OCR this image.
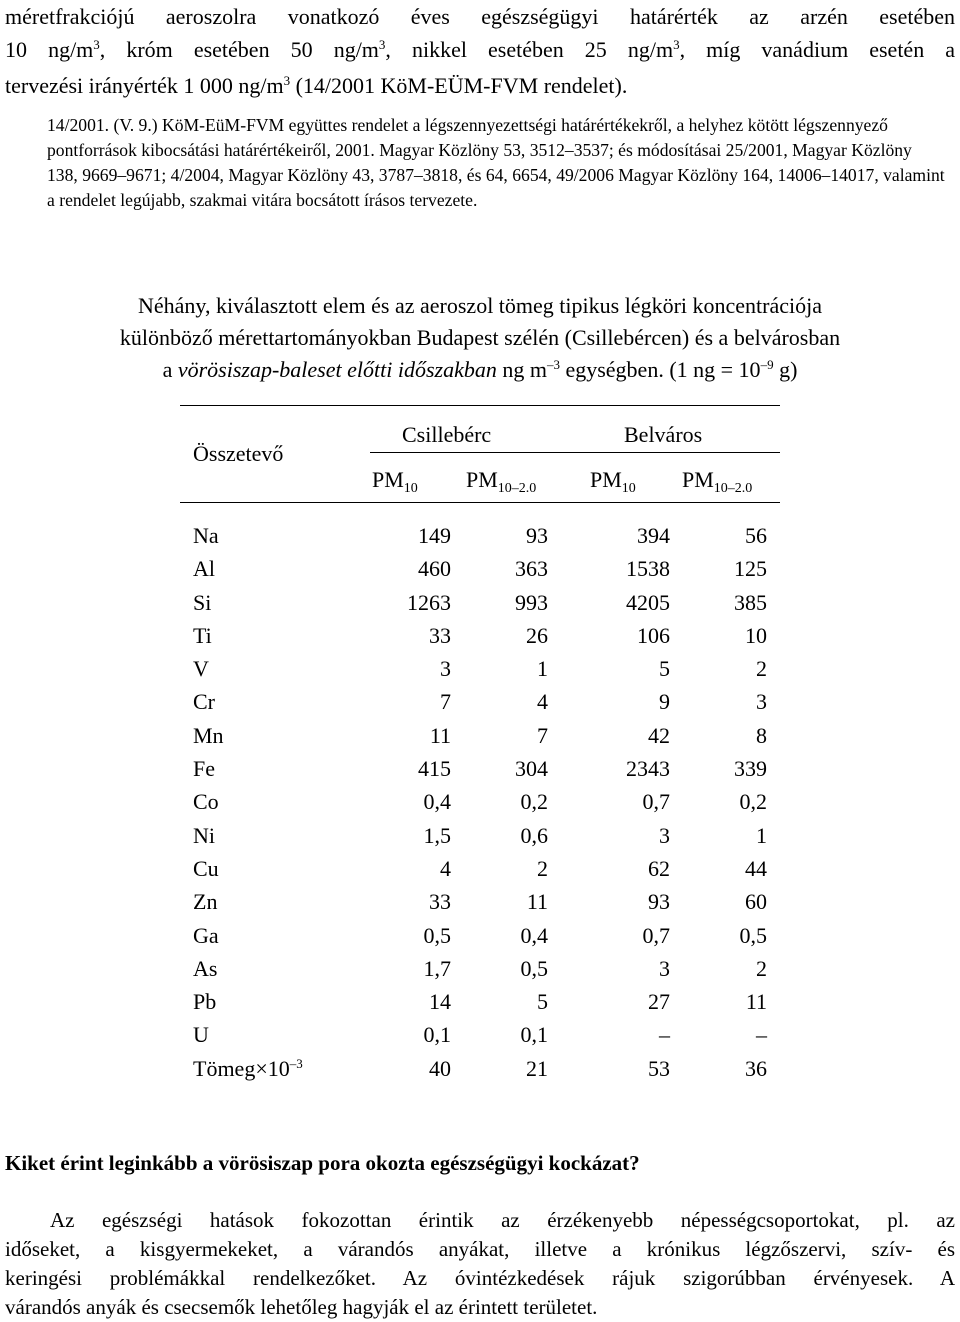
méretfrakciójú aeroszolra vonatkozó éves egészségügyi határérték az arzén esetében
10 $ng/m^3$, króm esetében 50 $ng/m^3$, nikkel esetében 25 $ng/m^3$, míg vanádium esetén a
tervezési irányérték 1 000 $ng/m^3$ (14/2001 KöM-EÜM-FVM rendelet).

14/2001. (V. 9.) KöM-EüM-FVM együttes rendelet a légszennyezettségi határértékekről, a helyhez kötött légszennyező pontforrások kibocsátási határértékeiről, 2001. Magyar Közlöny 53, 3512–3537; és módosításai 25/2001, Magyar Közlöny 138, 9669–9671; 4/2004, Magyar Közlöny 43, 3787–3818, és 64, 6654, 49/2006 Magyar Közlöny 164, 14006–14017, valamint a rendelet legújabb, szakmai vitára bocsátott írásos tervezete.

Néhány, kiválasztott elem és az aeroszol tömeg tipikus légköri koncentrációja
különböző mérettartományokban Budapest szélén (Csillebércen) és a belvárosban
a vörösiszap-baleset előtti időszakban ng $m^{-3}$ egységben. (1 ng = $10^{-9}$ g)
Összetevő
Csillebérc	Belváros
$PM_{10}$ $PM_{10-2.0}$ $PM_{10}$ $PM_{10-2.0}$
Na	149	93	394	56
Al	460	363	1538	125
Si	1263	993	4205	385
Ti	33	26	106	10
V	3	1	5	2
Cr	7	4	9	3
Mn	11	7	42	8
Fe	415	304	2343	339
Co	0,4	0,2	0,7	0,2
Ni	1,5	0,6	3	1
Cu	4	2	62	44
Zn	33	11	93	60
Ga	0,5	0,4	0,7	0,5
As	1,7	0,5	3	2
Pb	14	5	27	11
U	0,1	0,1	–	–
$Tömeg\times 10^{-3}$	40	21	53	36

Kiket érint leginkább a vörösiszap pora okozta egészségügyi kockázat?

Az egészségi hatások fokozottan érintik az érzékenyebb népességcsoportokat, pl. az
időseket, a kisgyermekeket, a várandós anyákat, illetve a krónikus légzőszervi, szív- és
keringési problémákkal rendelkezőket. Az óvintézkedések rájuk szigorúbban érvényesek. A
várandós anyák és csecsemők lehetőleg hagyják el az érintett területet.
